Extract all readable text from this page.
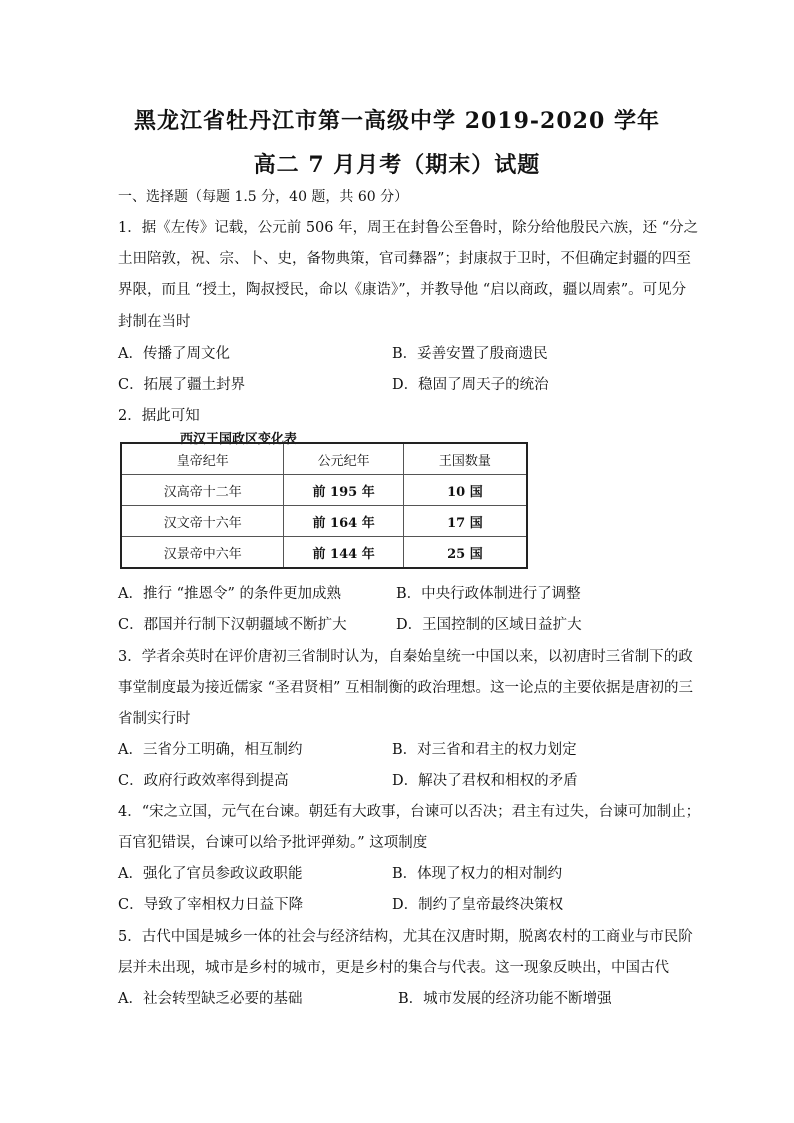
黑龙江省牡丹江市第一高级中学 2019-2020 学年
高二 7 月月考（期末）试题
一、选择题（每题 1.5 分，40 题，共 60 分）
1．据《左传》记载，公元前 506 年，周王在封鲁公至鲁时，除分给他殷民六族，还 “分之
土田陪敦，祝、宗、卜、史，备物典策，官司彝器”；封康叔于卫时，不但确定封疆的四至
界限，而且 “授土，陶叔授民，命以《康诰》”，并教导他 “启以商政，疆以周索”。可见分
封制在当时
A．传播了周文化	B．妥善安置了殷商遗民
C．拓展了疆土封界	D．稳固了周天子的统治
2．据此可知
西汉王国政区变化表
皇帝纪年	公元纪年	王国数量
汉高帝十二年	前 195 年	10 国
汉文帝十六年	前 164 年	17 国
汉景帝中六年	前 144 年	25 国
A．推行 “推恩令” 的条件更加成熟	B．中央行政体制进行了调整
C．郡国并行制下汉朝疆域不断扩大	D．王国控制的区域日益扩大
3．学者余英时在评价唐初三省制时认为，自秦始皇统一中国以来，以初唐时三省制下的政
事堂制度最为接近儒家 “圣君贤相” 互相制衡的政治理想。这一论点的主要依据是唐初的三
省制实行时
A．三省分工明确，相互制约	B．对三省和君主的权力划定
C．政府行政效率得到提高	D．解决了君权和相权的矛盾
4．“宋之立国，元气在台谏。朝廷有大政事，台谏可以否决；君主有过失，台谏可加制止；
百官犯错误，台谏可以给予批评弹劾。” 这项制度
A．强化了官员参政议政职能	B．体现了权力的相对制约
C．导致了宰相权力日益下降	D．制约了皇帝最终决策权
5．古代中国是城乡一体的社会与经济结构，尤其在汉唐时期，脱离农村的工商业与市民阶
层并未出现，城市是乡村的城市，更是乡村的集合与代表。这一现象反映出，中国古代
A．社会转型缺乏必要的基础	B．城市发展的经济功能不断增强
